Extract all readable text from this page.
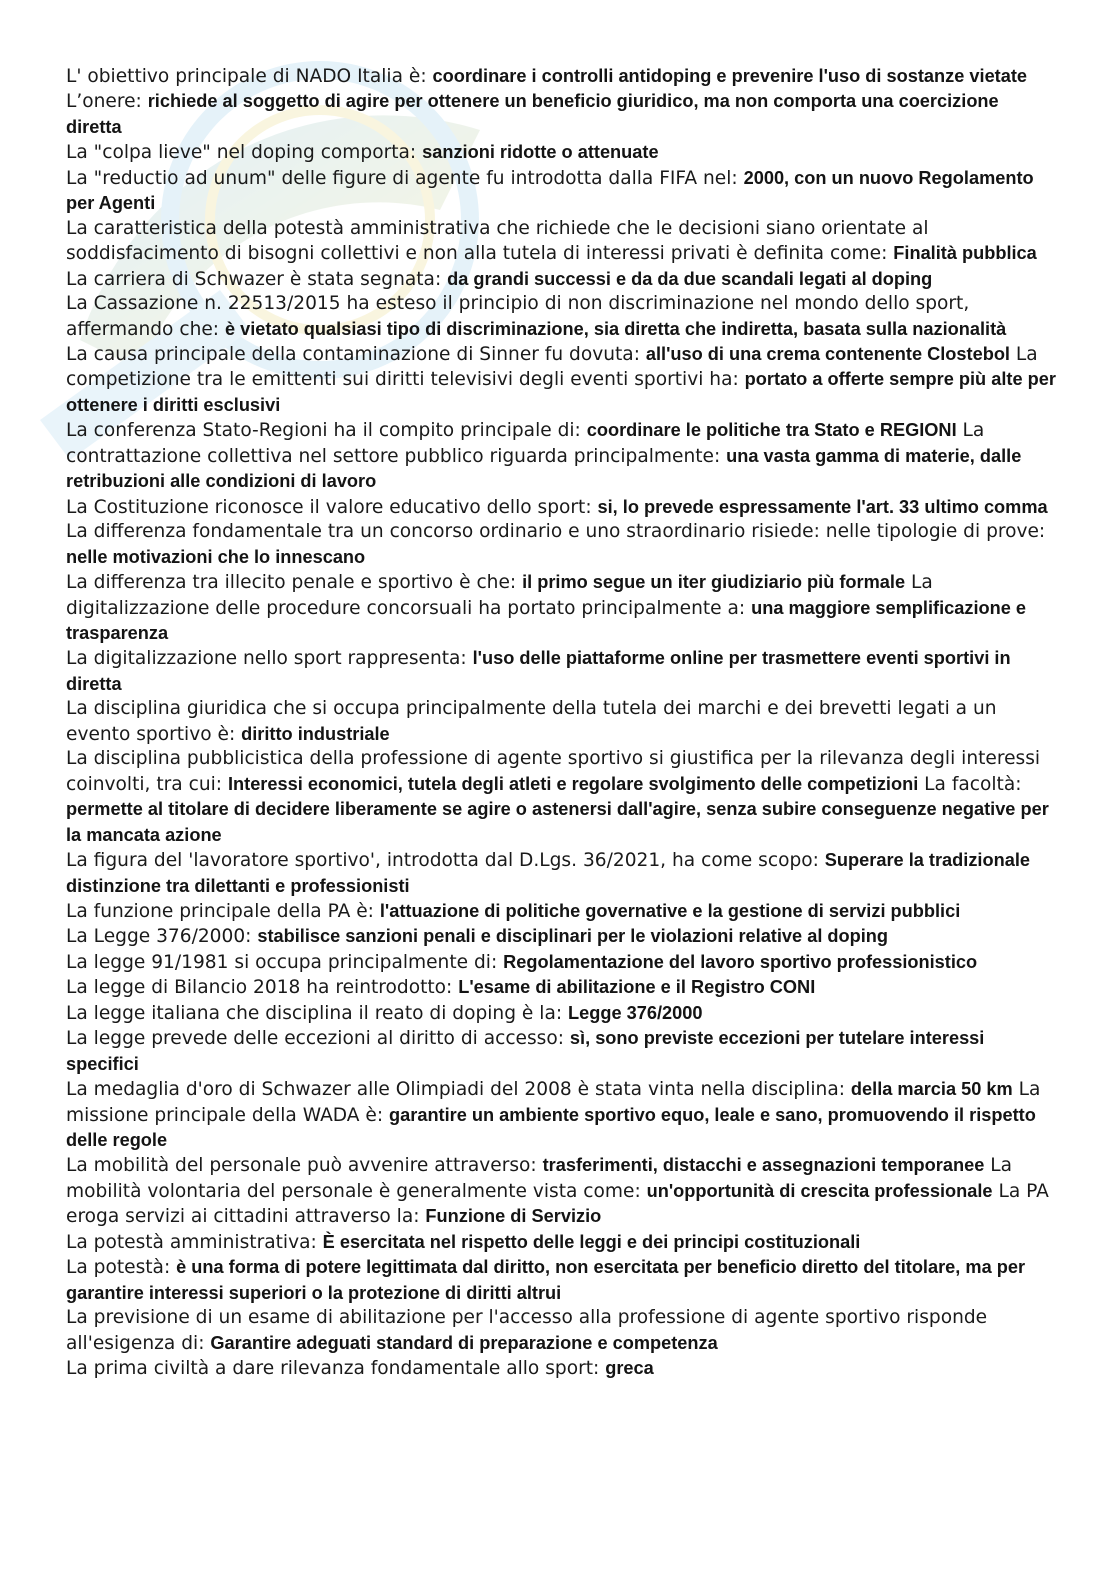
L' obiettivo principale di NADO Italia è: coordinare i controlli antidoping e prevenire l'uso di sostanze vietate

L’onere: richiede al soggetto di agire per ottenere un beneficio giuridico, ma non comporta una coercizione diretta

La "colpa lieve" nel doping comporta: sanzioni ridotte o attenuate

La "reductio ad unum" delle figure di agente fu introdotta dalla FIFA nel: 2000, con un nuovo Regolamento per Agenti

La caratteristica della potestà amministrativa che richiede che le decisioni siano orientate al soddisfacimento di bisogni collettivi e non alla tutela di interessi privati è definita come: Finalità pubblica La carriera di Schwazer è stata segnata: da grandi successi e da da due scandali legati al doping

La Cassazione n. 22513/2015 ha esteso il principio di non discriminazione nel mondo dello sport, affermando che: è vietato qualsiasi tipo di discriminazione, sia diretta che indiretta, basata sulla nazionalità

La causa principale della contaminazione di Sinner fu dovuta: all'uso di una crema contenente Clostebol La competizione tra le emittenti sui diritti televisivi degli eventi sportivi ha: portato a offerte sempre più alte per ottenere i diritti esclusivi

La conferenza Stato-Regioni ha il compito principale di: coordinare le politiche tra Stato e REGIONI La contrattazione collettiva nel settore pubblico riguarda principalmente: una vasta gamma di materie, dalle retribuzioni alle condizioni di lavoro

La Costituzione riconosce il valore educativo dello sport: si, lo prevede espressamente l'art. 33 ultimo comma

La differenza fondamentale tra un concorso ordinario e uno straordinario risiede: nelle tipologie di prove: nelle motivazioni che lo innescano

La differenza tra illecito penale e sportivo è che: il primo segue un iter giudiziario più formale La digitalizzazione delle procedure concorsuali ha portato principalmente a: una maggiore semplificazione e trasparenza

La digitalizzazione nello sport rappresenta: l'uso delle piattaforme online per trasmettere eventi sportivi in diretta

La disciplina giuridica che si occupa principalmente della tutela dei marchi e dei brevetti legati a un evento sportivo è: diritto industriale

La disciplina pubblicistica della professione di agente sportivo si giustifica per la rilevanza degli interessi coinvolti, tra cui: Interessi economici, tutela degli atleti e regolare svolgimento delle competizioni La facoltà: permette al titolare di decidere liberamente se agire o astenersi dall'agire, senza subire conseguenze negative per la mancata azione

La figura del 'lavoratore sportivo', introdotta dal D.Lgs. 36/2021, ha come scopo: Superare la tradizionale distinzione tra dilettanti e professionisti

La funzione principale della PA è: l'attuazione di politiche governative e la gestione di servizi pubblici

La Legge 376/2000: stabilisce sanzioni penali e disciplinari per le violazioni relative al doping

La legge 91/1981 si occupa principalmente di: Regolamentazione del lavoro sportivo professionistico

La legge di Bilancio 2018 ha reintrodotto: L'esame di abilitazione e il Registro CONI

La legge italiana che disciplina il reato di doping è la: Legge 376/2000

La legge prevede delle eccezioni al diritto di accesso: sì, sono previste eccezioni per tutelare interessi specifici

La medaglia d'oro di Schwazer alle Olimpiadi del 2008 è stata vinta nella disciplina: della marcia 50 km La missione principale della WADA è: garantire un ambiente sportivo equo, leale e sano, promuovendo il rispetto delle regole

La mobilità del personale può avvenire attraverso: trasferimenti, distacchi e assegnazioni temporanee La mobilità volontaria del personale è generalmente vista come: un'opportunità di crescita professionale La PA eroga servizi ai cittadini attraverso la: Funzione di Servizio

La potestà amministrativa: È esercitata nel rispetto delle leggi e dei principi costituzionali

La potestà: è una forma di potere legittimata dal diritto, non esercitata per beneficio diretto del titolare, ma per garantire interessi superiori o la protezione di diritti altrui

La previsione di un esame di abilitazione per l'accesso alla professione di agente sportivo risponde all'esigenza di: Garantire adeguati standard di preparazione e competenza

La prima civiltà a dare rilevanza fondamentale allo sport: greca
